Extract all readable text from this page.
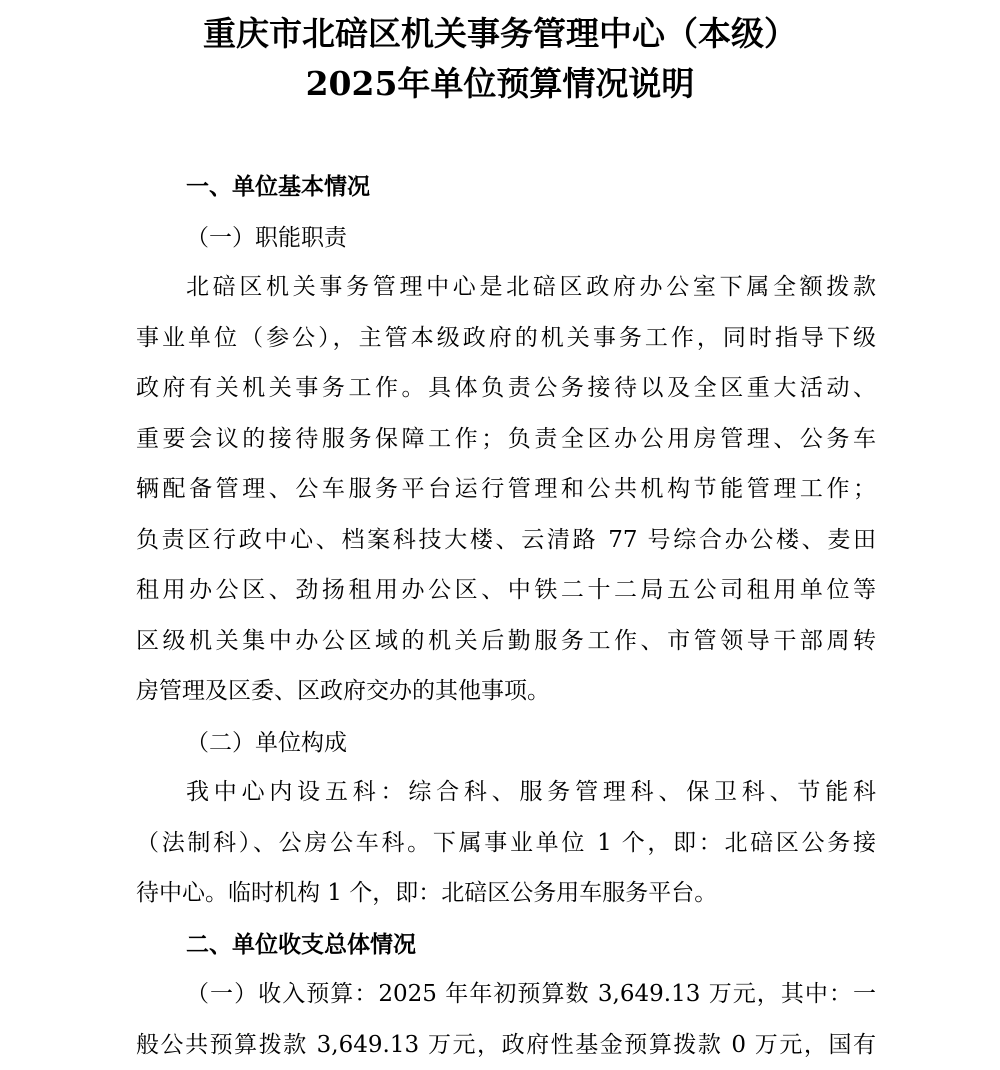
重庆市北碚区机关事务管理中心（本级）
2025年单位预算情况说明
一、单位基本情况
（一）职能职责
北碚区机关事务管理中心是北碚区政府办公室下属全额拨款
事业单位（参公），主管本级政府的机关事务工作，同时指导下级
政府有关机关事务工作。具体负责公务接待以及全区重大活动、
重要会议的接待服务保障工作；负责全区办公用房管理、公务车
辆配备管理、公车服务平台运行管理和公共机构节能管理工作；
负责区行政中心、档案科技大楼、云清路 77 号综合办公楼、麦田
租用办公区、劲扬租用办公区、中铁二十二局五公司租用单位等
区级机关集中办公区域的机关后勤服务工作、市管领导干部周转
房管理及区委、区政府交办的其他事项。
（二）单位构成
我中心内设五科：综合科、服务管理科、保卫科、节能科
（法制科）、公房公车科。下属事业单位 1 个，即：北碚区公务接
待中心。临时机构 1 个，即：北碚区公务用车服务平台。
二、单位收支总体情况
（一）收入预算：2025 年年初预算数 3,649.13 万元，其中：一
般公共预算拨款 3,649.13 万元，政府性基金预算拨款 0 万元，国有
